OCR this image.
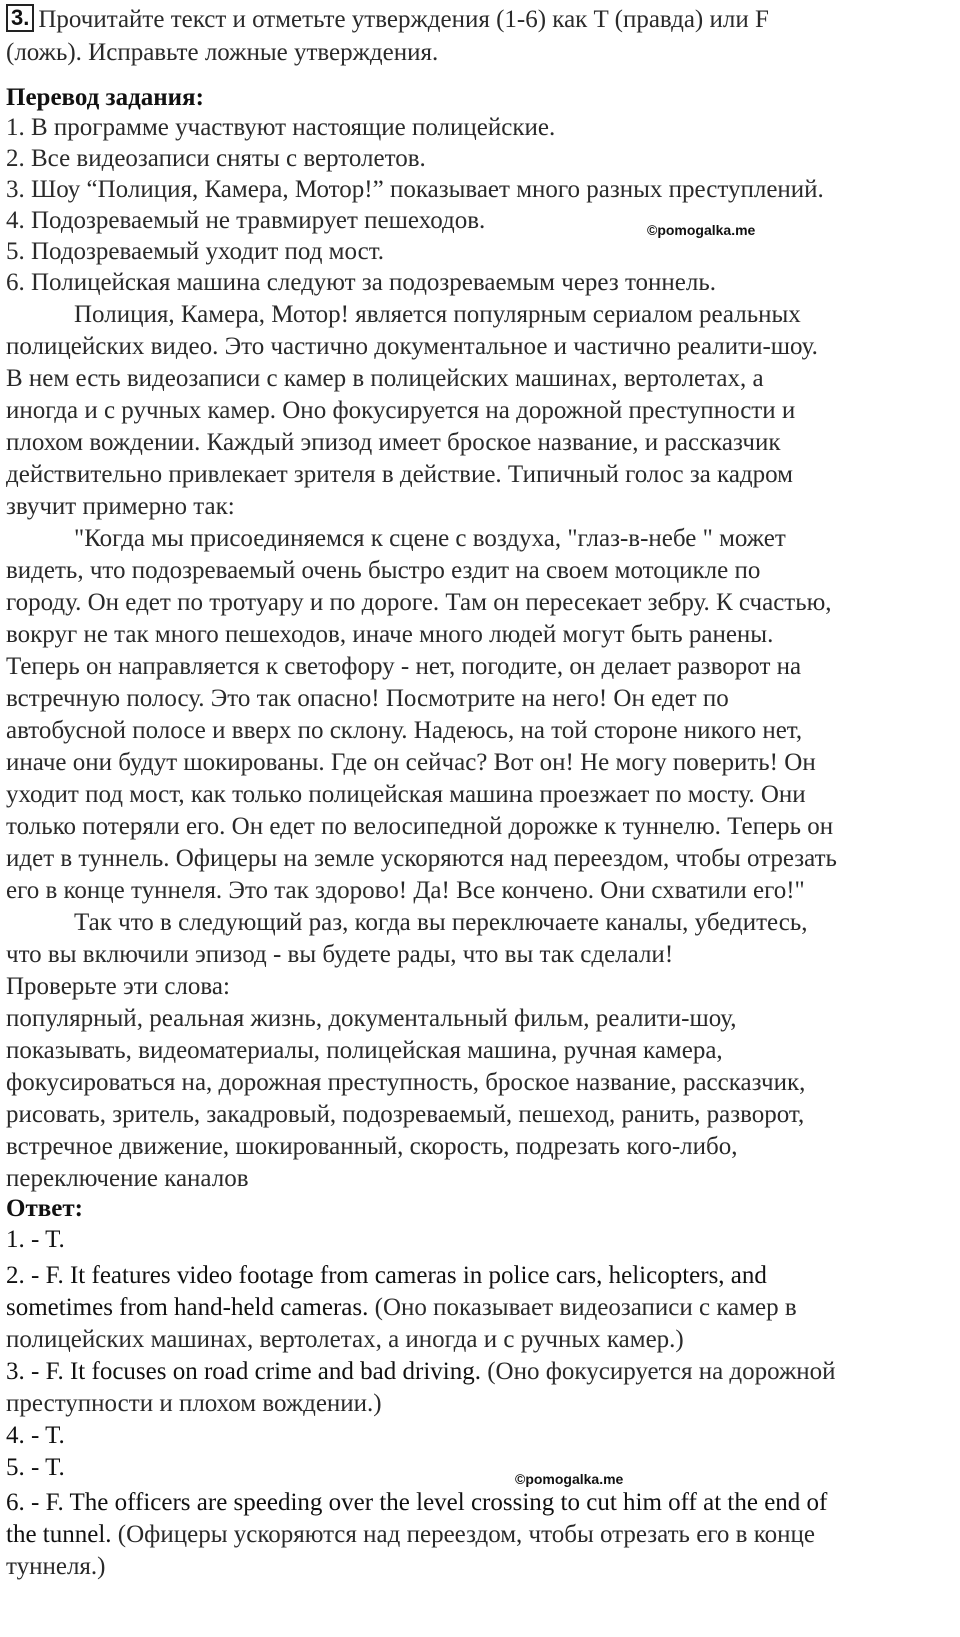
3. Прочитайте текст и отметьте утверждения (1-6) как T (правда) или F
(ложь). Исправьте ложные утверждения.
Перевод задания:
1. В программе участвуют настоящие полицейские.
2. Все видеозаписи сняты с вертолетов.
3. Шоу “Полиция, Камера, Мотор!” показывает много разных преступлений.
4. Подозреваемый не травмирует пешеходов.	©pomogalka.me
5. Подозреваемый уходит под мост.
6. Полицейская машина следуют за подозреваемым через тоннель.
Полиция, Камера, Мотор! является популярным сериалом реальных
полицейских видео. Это частично документальное и частично реалити-шоу.
В нем есть видеозаписи с камер в полицейских машинах, вертолетах, а
иногда и с ручных камер. Оно фокусируется на дорожной преступности и
плохом вождении. Каждый эпизод имеет броское название, и рассказчик
действительно привлекает зрителя в действие. Типичный голос за кадром
звучит примерно так:
"Когда мы присоединяемся к сцене с воздуха, "глаз-в-небе " может
видеть, что подозреваемый очень быстро ездит на своем мотоцикле по
городу. Он едет по тротуару и по дороге. Там он пересекает зебру. К счастью,
вокруг не так много пешеходов, иначе много людей могут быть ранены.
Теперь он направляется к светофору - нет, погодите, он делает разворот на
встречную полосу. Это так опасно! Посмотрите на него! Он едет по
автобусной полосе и вверх по склону. Надеюсь, на той стороне никого нет,
иначе они будут шокированы. Где он сейчас? Вот он! Не могу поверить! Он
уходит под мост, как только полицейская машина проезжает по мосту. Они
только потеряли его. Он едет по велосипедной дорожке к туннелю. Теперь он
идет в туннель. Офицеры на земле ускоряются над переездом, чтобы отрезать
его в конце туннеля. Это так здорово! Да! Все кончено. Они схватили его!"
Так что в следующий раз, когда вы переключаете каналы, убедитесь,
что вы включили эпизод - вы будете рады, что вы так сделали!
Проверьте эти слова:
популярный, реальная жизнь, документальный фильм, реалити-шоу,
показывать, видеоматериалы, полицейская машина, ручная камера,
фокусироваться на, дорожная преступность, броское название, рассказчик,
рисовать, зритель, закадровый, подозреваемый, пешеход, ранить, разворот,
встречное движение, шокированный, скорость, подрезать кого-либо,
переключение каналов
Ответ:
1. - T.
2. - F. It features video footage from cameras in police cars, helicopters, and
sometimes from hand-held cameras. (Оно показывает видеозаписи с камер в
полицейских машинах, вертолетах, а иногда и с ручных камер.)
3. - F. It focuses on road crime and bad driving. (Оно фокусируется на дорожной
преступности и плохом вождении.)
4. - T.
5. - T.	©pomogalka.me
6. - F. The officers are speeding over the level crossing to cut him off at the end of
the tunnel. (Офицеры ускоряются над переездом, чтобы отрезать его в конце
туннеля.)
